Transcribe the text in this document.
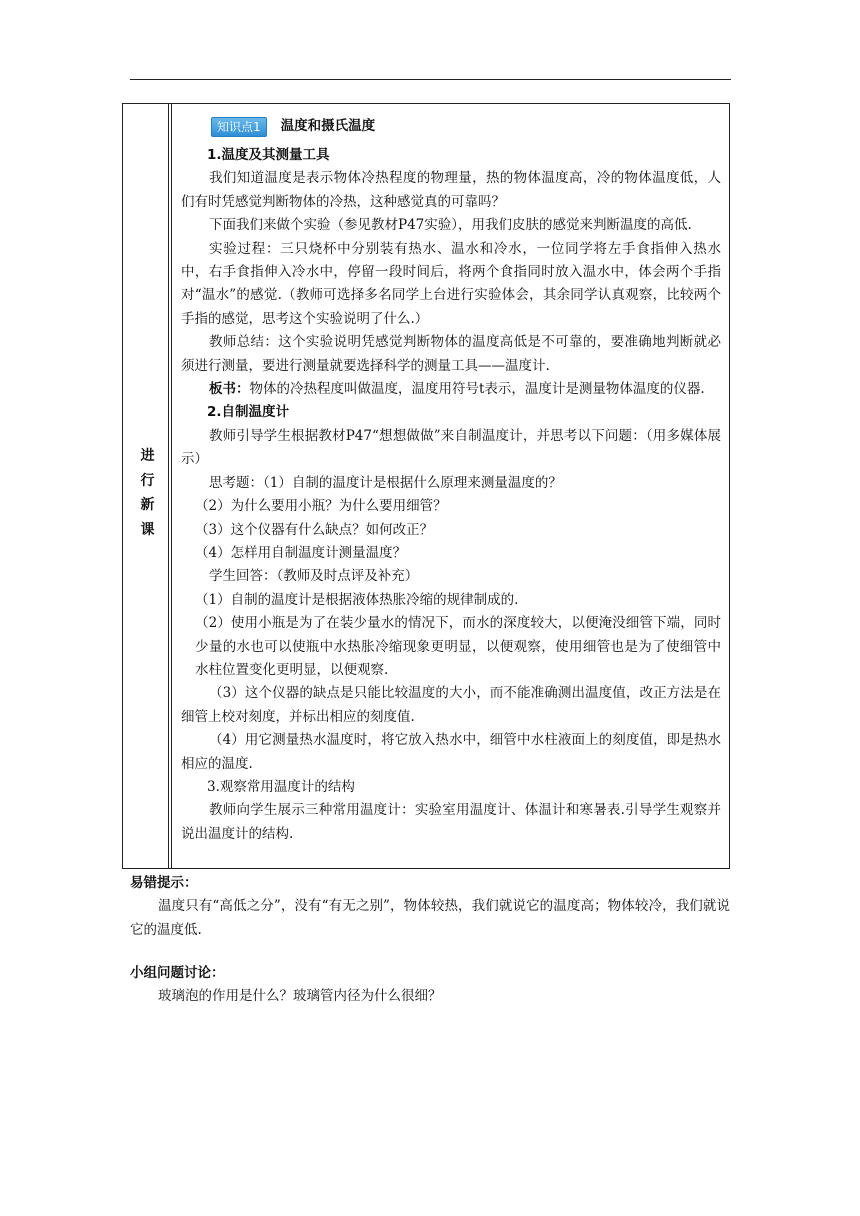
进
行
新
课
知识点1	温度和摄氏温度
1.温度及其测量工具

我们知道温度是表示物体冷热程度的物理量，热的物体温度高，冷的物体温度低，人们有时凭感觉判断物体的冷热，这种感觉真的可靠吗？

下面我们来做个实验（参见教材P47实验），用我们皮肤的感觉来判断温度的高低.

实验过程：三只烧杯中分别装有热水、温水和冷水，一位同学将左手食指伸入热水中，右手食指伸入冷水中，停留一段时间后，将两个食指同时放入温水中，体会两个手指对“温水”的感觉.（教师可选择多名同学上台进行实验体会，其余同学认真观察，比较两个手指的感觉，思考这个实验说明了什么.）

教师总结：这个实验说明凭感觉判断物体的温度高低是不可靠的，要准确地判断就必须进行测量，要进行测量就要选择科学的测量工具——温度计.

板书：物体的冷热程度叫做温度，温度用符号t表示，温度计是测量物体温度的仪器.

2.自制温度计

教师引导学生根据教材P47“想想做做”来自制温度计，并思考以下问题：（用多媒体展示）

思考题：（1）自制的温度计是根据什么原理来测量温度的？

（2）为什么要用小瓶？为什么要用细管？

（3）这个仪器有什么缺点？如何改正？

（4）怎样用自制温度计测量温度？

学生回答：（教师及时点评及补充）

（1）自制的温度计是根据液体热胀冷缩的规律制成的.

（2）使用小瓶是为了在装少量水的情况下，而水的深度较大，以便淹没细管下端，同时少量的水也可以使瓶中水热胀冷缩现象更明显，以便观察，使用细管也是为了使细管中水柱位置变化更明显，以便观察.

（3）这个仪器的缺点是只能比较温度的大小，而不能准确测出温度值，改正方法是在细管上校对刻度，并标出相应的刻度值.

（4）用它测量热水温度时，将它放入热水中，细管中水柱液面上的刻度值，即是热水相应的温度.

3.观察常用温度计的结构

教师向学生展示三种常用温度计：实验室用温度计、体温计和寒暑表.引导学生观察并说出温度计的结构.

易错提示：

温度只有“高低之分”，没有“有无之别”，物体较热，我们就说它的温度高；物体较冷，我们就说它的温度低.

小组问题讨论：

玻璃泡的作用是什么？玻璃管内径为什么很细？
